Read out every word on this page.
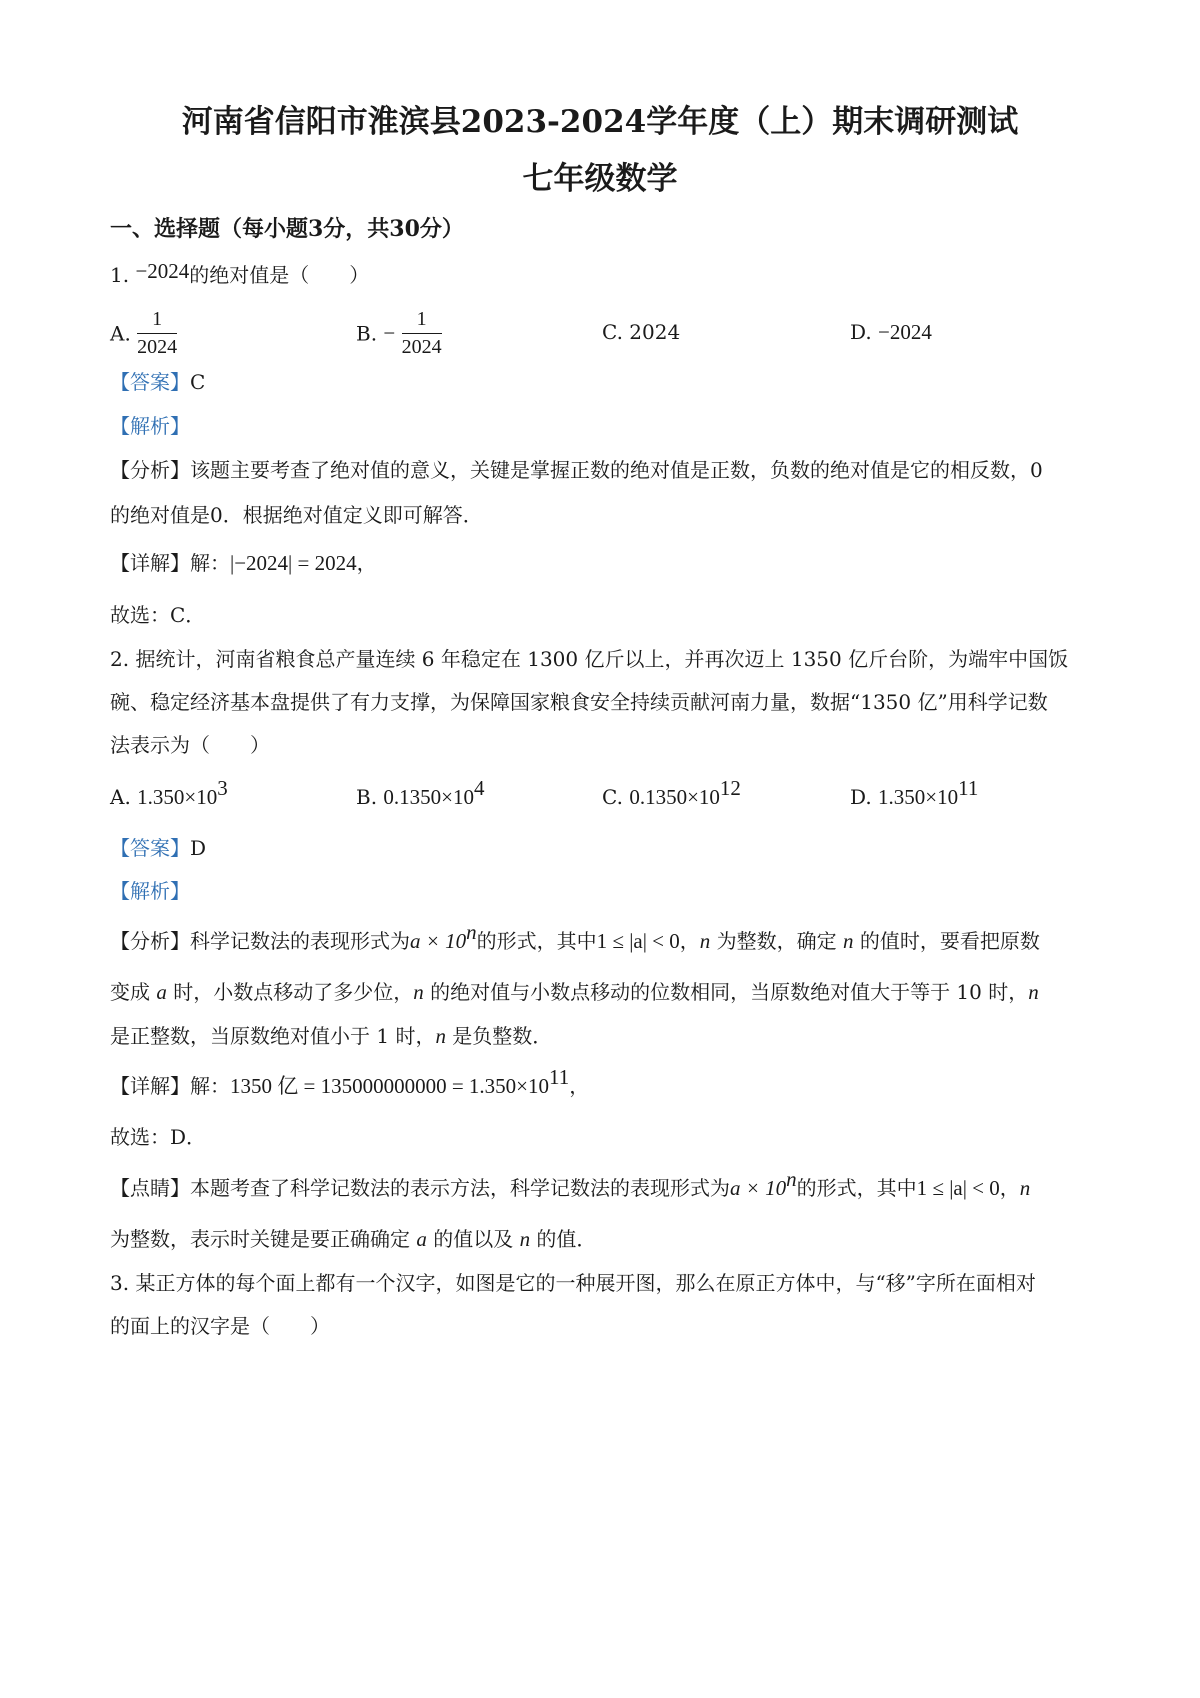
河南省信阳市淮滨县2023-2024学年度（上）期末调研测试
七年级数学
一、选择题（每小题3分，共30分）
1. −2024的绝对值是（　　）
A. $\frac{1}{2024}$	B. − $\frac{1}{2024}$	C. 2024	D. −2024
【答案】C
【解析】
【分析】该题主要考查了绝对值的意义，关键是掌握正数的绝对值是正数，负数的绝对值是它的相反数，0
的绝对值是0．根据绝对值定义即可解答．
【详解】解：|−2024| = 2024，
故选：C．
2. 据统计，河南省粮食总产量连续 6 年稳定在 1300 亿斤以上，并再次迈上 1350 亿斤台阶，为端牢中国饭
碗、稳定经济基本盘提供了有力支撑，为保障国家粮食安全持续贡献河南力量，数据“1350 亿”用科学记数
法表示为（　　）
A. $1.350\times 10^3$	B. $0.1350\times 10^4$	C. $0.1350\times 10^{12}$	D. $1.350\times 10^{11}$
【答案】D
【解析】
【分析】科学记数法的表现形式为$a \times 10^n$的形式，其中1 ≤ |a| < 0，n 为整数，确定 n 的值时，要看把原数
变成 a 时，小数点移动了多少位，n 的绝对值与小数点移动的位数相同，当原数绝对值大于等于 10 时，n
是正整数，当原数绝对值小于 1 时，n 是负整数．
【详解】解：1350 亿 = $135000000000 = 1.350\times 10^{11}$，
故选：D．
【点睛】本题考查了科学记数法的表示方法，科学记数法的表现形式为$a \times 10^n$的形式，其中1 ≤ |a| < 0，n
为整数，表示时关键是要正确确定 a 的值以及 n 的值．
3. 某正方体的每个面上都有一个汉字，如图是它的一种展开图，那么在原正方体中，与“移”字所在面相对
的面上的汉字是（　　）
